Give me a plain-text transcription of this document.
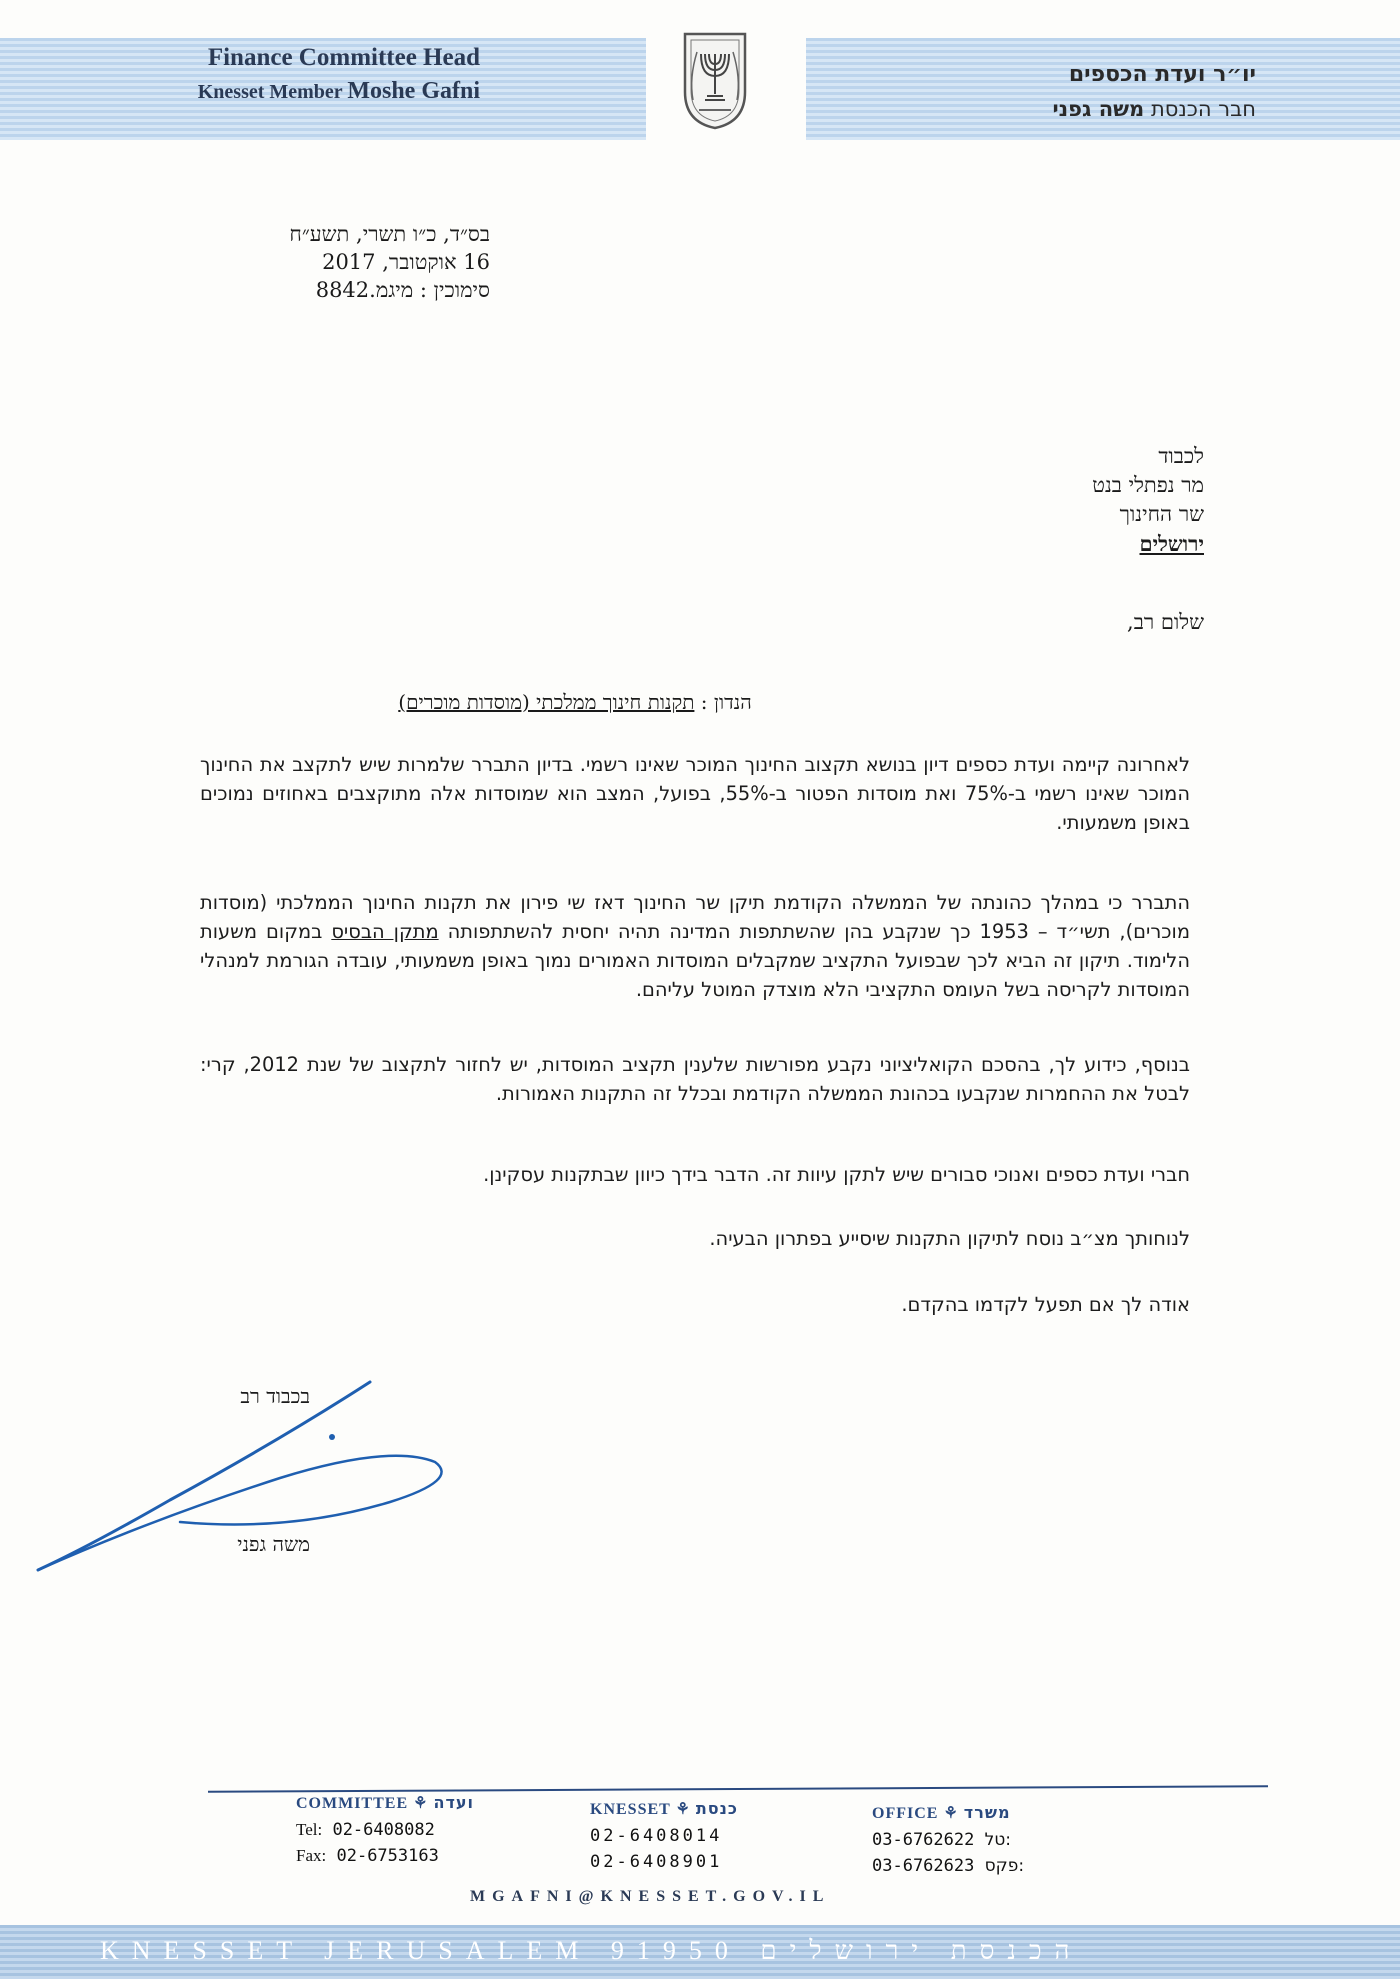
Finance Committee Head
Knesset Member Moshe Gafni
יו״ר ועדת הכספים
חבר הכנסת משה גפני
בס״ד, כ״ו תשרי, תשע״ח
16 אוקטובר, 2017
סימוכין : מיגמ.8842
לכבוד
מר נפתלי בנט
שר החינוך
ירושלים
שלום רב,
הנדון : תקנות חינוך ממלכתי (מוסדות מוכרים)
לאחרונה קיימה ועדת כספים דיון בנושא תקצוב החינוך המוכר שאינו רשמי. בדיון התברר שלמרות שיש לתקצב את החינוך המוכר שאינו רשמי ב-75% ואת מוסדות הפטור ב-55%, בפועל, המצב הוא שמוסדות אלה מתוקצבים באחוזים נמוכים באופן משמעותי.
התברר כי במהלך כהונתה של הממשלה הקודמת תיקן שר החינוך דאז שי פירון את תקנות החינוך הממלכתי (מוסדות מוכרים), תשי״ד – 1953 כך שנקבע בהן שהשתתפות המדינה תהיה יחסית להשתתפותה מתקן הבסיס במקום משעות הלימוד. תיקון זה הביא לכך שבפועל התקציב שמקבלים המוסדות האמורים נמוך באופן משמעותי, עובדה הגורמת למנהלי המוסדות לקריסה בשל העומס התקציבי הלא מוצדק המוטל עליהם.
בנוסף, כידוע לך, בהסכם הקואליציוני נקבע מפורשות שלענין תקציב המוסדות, יש לחזור לתקצוב של שנת 2012, קרי: לבטל את ההחמרות שנקבעו בכהונת הממשלה הקודמת ובכלל זה התקנות האמורות.
חברי ועדת כספים ואנוכי סבורים שיש לתקן עיוות זה. הדבר בידך כיוון שבתקנות עסקינן.
לנוחותך מצ״ב נוסח לתיקון התקנות שיסייע בפתרון הבעיה.
אודה לך אם תפעל לקדמו בהקדם.
בכבוד רב
משה גפני
COMMITTEE ⚘ ועדה
Tel: 02-6408082
Fax: 02-6753163
KNESSET ⚘ כנסת
02-6408014
02-6408901
OFFICE ⚘ משרד
03-6762622 טל:
03-6762623 פקס:
MGAFNI@KNESSET.GOV.IL
KNESSET JERUSALEM 91950 הכנסת ירושלים
